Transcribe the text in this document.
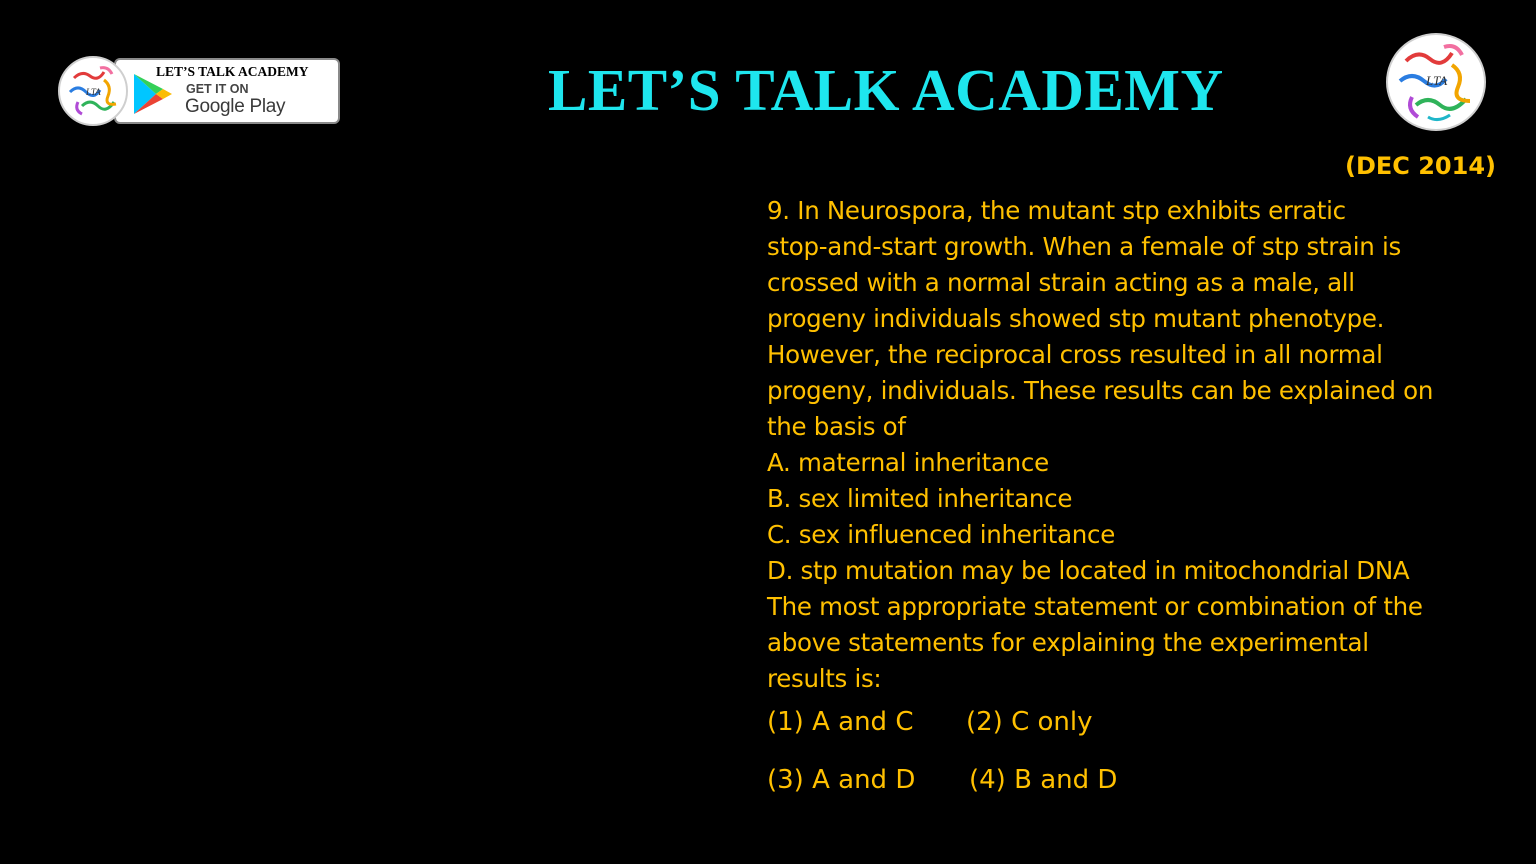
LET’S TALK ACADEMY
GET IT ON
Google Play
LTA	LET’S TALK ACADEMY	LTA
(DEC 2014)
9. In Neurospora, the mutant stp exhibits erratic
stop-and-start growth. When a female of stp strain is
crossed with a normal strain acting as a male, all
progeny individuals showed stp mutant phenotype.
However, the reciprocal cross resulted in all normal
progeny, individuals. These results can be explained on
the basis of
A. maternal inheritance
B. sex limited inheritance
C. sex influenced inheritance
D. stp mutation may be located in mitochondrial DNA
The most appropriate statement or combination of the
above statements for explaining the experimental
results is:
(1) A and C (2) C only
(3) A and D (4) B and D
